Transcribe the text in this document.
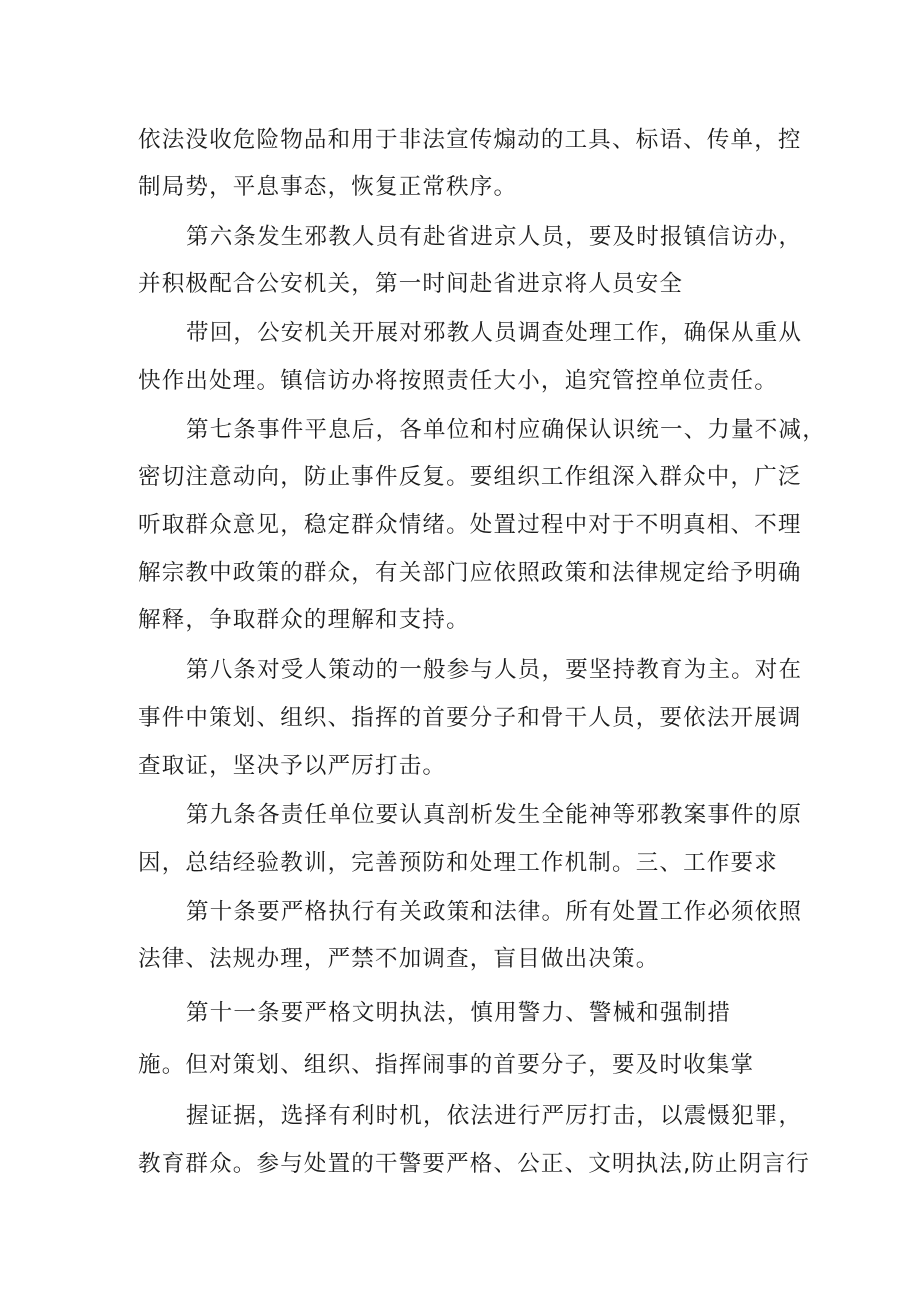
依法没收危险物品和用于非法宣传煽动的工具、标语、传单，控
制局势，平息事态，恢复正常秩序。
第六条发生邪教人员有赴省进京人员，要及时报镇信访办，
并积极配合公安机关，第一时间赴省进京将人员安全
带回，公安机关开展对邪教人员调查处理工作，确保从重从
快作出处理。镇信访办将按照责任大小，追究管控单位责任。
第七条事件平息后，各单位和村应确保认识统一、力量不减，
密切注意动向，防止事件反复。要组织工作组深入群众中，广泛
听取群众意见，稳定群众情绪。处置过程中对于不明真相、不理
解宗教中政策的群众，有关部门应依照政策和法律规定给予明确
解释，争取群众的理解和支持。
第八条对受人策动的一般参与人员，要坚持教育为主。对在
事件中策划、组织、指挥的首要分子和骨干人员，要依法开展调
查取证，坚决予以严厉打击。
第九条各责任单位要认真剖析发生全能神等邪教案事件的原
因，总结经验教训，完善预防和处理工作机制。三、工作要求
第十条要严格执行有关政策和法律。所有处置工作必须依照
法律、法规办理，严禁不加调查，盲目做出决策。
第十一条要严格文明执法，慎用警力、警械和强制措
施。但对策划、组织、指挥闹事的首要分子，要及时收集掌
握证据，选择有利时机，依法进行严厉打击，以震慑犯罪，
教育群众。参与处置的干警要严格、公正、文明执法,防止阴言行
